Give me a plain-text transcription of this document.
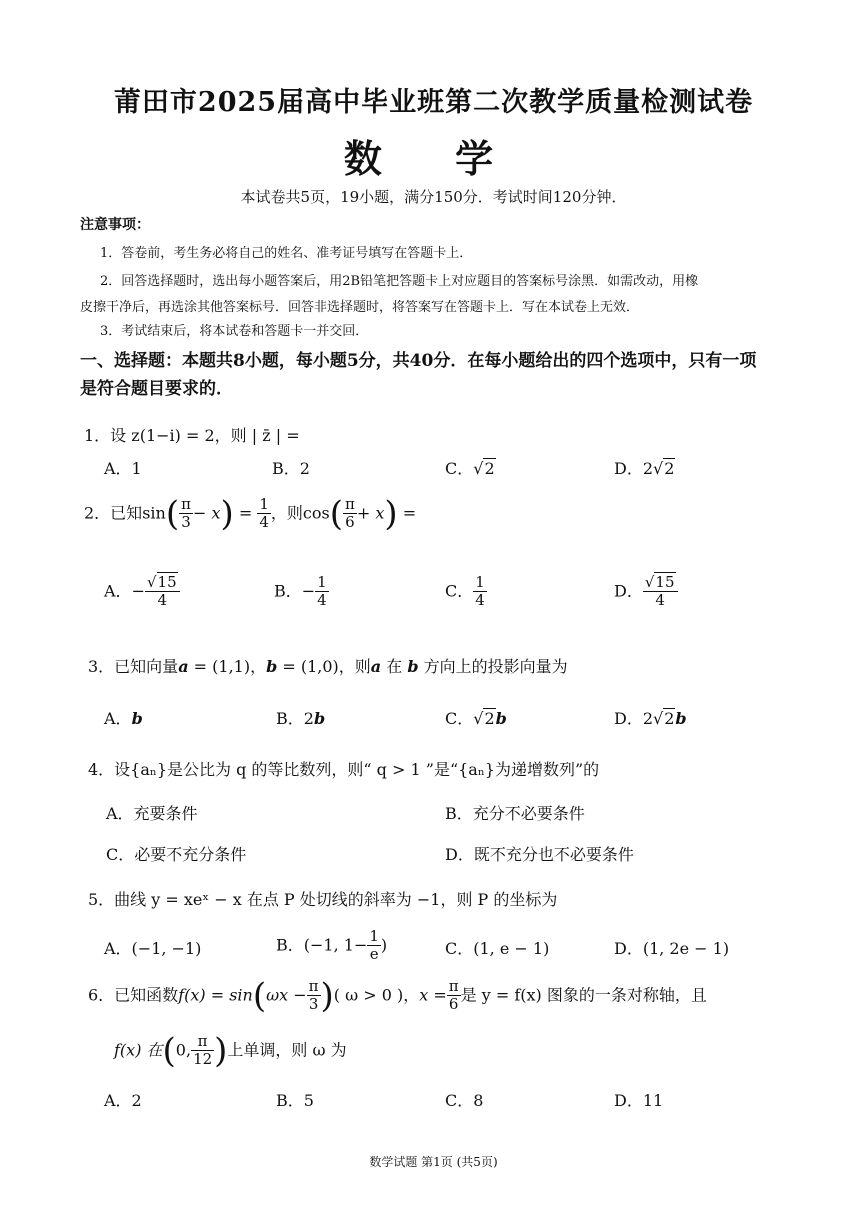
莆田市2025届高中毕业班第二次教学质量检测试卷
数 学
本试卷共5页，19小题，满分150分．考试时间120分钟．
注意事项：
1．答卷前，考生务必将自己的姓名、准考证号填写在答题卡上．
2．回答选择题时，选出每小题答案后，用2B铅笔把答题卡上对应题目的答案标号涂黑．如需改动，用橡
皮擦干净后，再选涂其他答案标号．回答非选择题时，将答案写在答题卡上．写在本试卷上无效．
3．考试结束后，将本试卷和答题卡一并交回．
一、选择题：本题共8小题，每小题5分，共40分．在每小题给出的四个选项中，只有一项
是符合题目要求的．
1．设 z(1−i) = 2，则 | z̄ | =
A．1	B．2	C．√2	D．2√2
2．已知$\sin( \frac{\pi}{3} - x) = \frac{1}{4}$ ，则$\cos( \frac{\pi}{6} + x)$ =
A．− $\frac{√15}{4}$	B．− $\frac{1}{4}$	C． $\frac{1}{4}$	D． $\frac{√15}{4}$
3．已知向量a = (1,1)，b = (1,0)，则a 在 b 方向上的投影向量为
A．b	B．2b	C．√2b	D．2√2b
4．设{aₙ}是公比为 q 的等比数列，则“ q > 1 ”是“{aₙ}为递增数列”的
A．充要条件	B．充分不必要条件
C．必要不充分条件	D．既不充分也不必要条件
5．曲线 y = xeˣ − x 在点 P 处切线的斜率为 −1，则 P 的坐标为
A．(−1, −1)	B．(−1, $1- \frac{1}{e}$ )	C．(1, e − 1)	D．(1, 2e − 1)
6．已知函数$f(x) = \sin(\omega x - \frac{\pi}{3}$ )( ω > 0 )，$x = \frac{\pi}{6}$ 是 y = f(x) 图象的一条对称轴，且
f(x) 在(0, $\frac{\pi}{12}$ )上单调，则 ω 为
A．2	B．5	C．8	D．11
数学试题 第1页 (共5页)
